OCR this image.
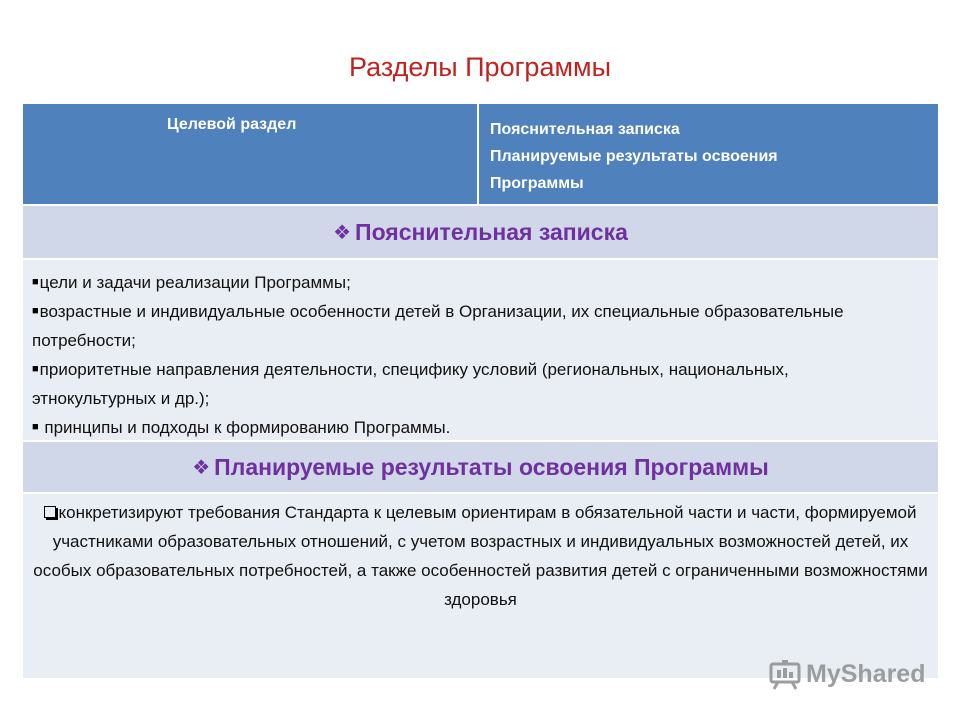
Разделы Программы
Целевой раздел	Пояснительная записка
Планируемые результаты освоения
Программы
❖ Пояснительная записка
■цели и задачи реализации Программы;
■возрастные и индивидуальные особенности детей в Организации, их специальные образовательные потребности;
■приоритетные направления деятельности, специфику условий (региональных, национальных, этнокультурных и др.);
■ принципы и подходы к формированию Программы.
❖ Планируемые результаты освоения Программы
конкретизируют требования Стандарта к целевым ориентирам в обязательной части и части, формируемой участниками образовательных отношений, с учетом возрастных и индивидуальных возможностей детей, их особых образовательных потребностей, а также особенностей развития детей с ограниченными возможностями здоровья
MyShared
